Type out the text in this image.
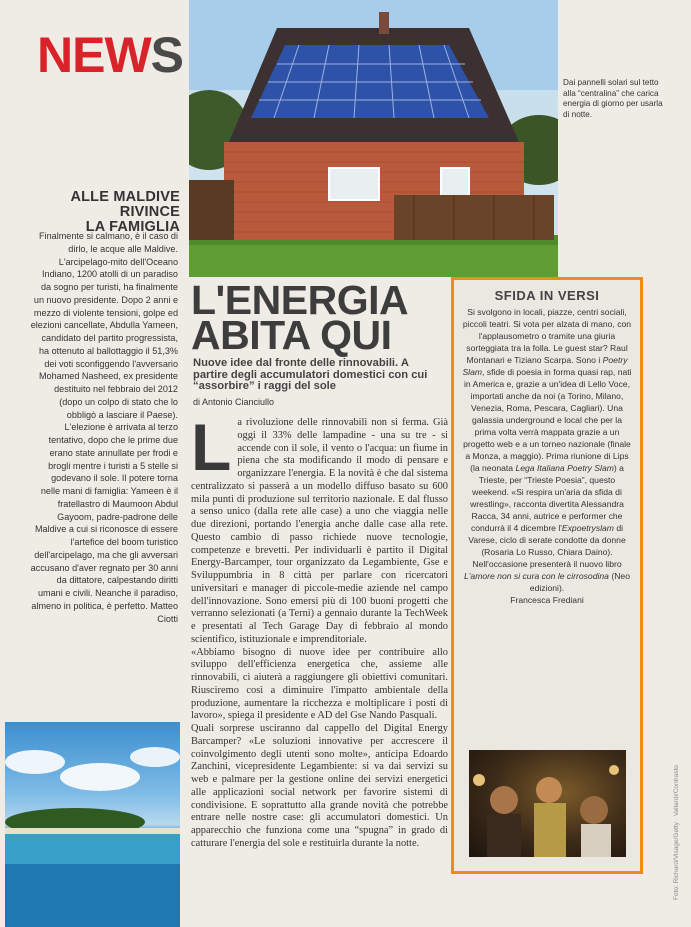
NEWS	Dai pannelli solari sul tetto alla “centralina” che carica energia di giorno per usarla di notte.
ALLE MALDIVE
RIVINCE
LA FAMIGLIA

Finalmente si calmano, è il caso di dirlo, le acque alle Maldive. L'arcipelago-mito dell'Oceano Indiano, 1200 atolli di un paradiso da sogno per turisti, ha finalmente un nuovo presidente. Dopo 2 anni e mezzo di violente tensioni, golpe ed elezioni cancellate, Abdulla Yameen, candidato del partito progressista, ha ottenuto al ballottaggio il 51,3% dei voti sconfiggendo l'avversario Mohamed Nasheed, ex presidente destituito nel febbraio del 2012 (dopo un colpo di stato che lo obbligò a lasciare il Paese). L'elezione è arrivata al terzo tentativo, dopo che le prime due erano state annullate per frodi e brogli mentre i turisti a 5 stelle si godevano il sole. Il potere torna nelle mani di famiglia: Yameen è il fratellastro di Maumoon Abdul Gayoom, padre-padrone delle Maldive a cui si riconosce di essere l'artefice del boom turistico dell'arcipelago, ma che gli avversari accusano d'aver regnato per 30 anni da dittatore, calpestando diritti umani e civili. Neanche il paradiso, almeno in politica, è perfetto. Matteo Ciotti

L'ENERGIA
ABITA QUI
Nuove idee dal fronte delle rinnovabili. A partire degli accumulatori domestici con cui “assorbire” i raggi del sole
di Antonio Cianciullo

La rivoluzione delle rinnovabili non si ferma. Già oggi il 33% delle lampadine - una su tre - si accende con il sole, il vento o l'acqua: un fiume in piena che sta modificando il modo di pensare e organizzare l'energia. E la novità è che dal sistema centralizzato si passerà a un modello diffuso basato su 600 mila punti di produzione sul territorio nazionale. E dal flusso a senso unico (dalla rete alle case) a uno che viaggia nelle due direzioni, portando l'energia anche dalle case alla rete. Questo cambio di passo richiede nuove tecnologie, competenze e brevetti. Per individuarli è partito il Digital Energy-Barcamper, tour organizzato da Legambiente, Gse e Sviluppumbria in 8 città per parlare con ricercatori universitari e manager di piccole-medie aziende nel campo dell'innovazione. Sono emersi più di 100 buoni progetti che verranno selezionati (a Terni) a gennaio durante la TechWeek e presentati al Tech Garage Day di febbraio al mondo scientifico, istituzionale e imprenditoriale.

«Abbiamo bisogno di nuove idee per contribuire allo sviluppo dell'efficienza energetica che, assieme alle rinnovabili, ci aiuterà a raggiungere gli obiettivi comunitari. Riusciremo così a diminuire l'impatto ambientale della produzione, aumentare la ricchezza e moltiplicare i posti di lavoro», spiega il presidente e AD del Gse Nando Pasquali.

Quali sorprese usciranno dal cappello del Digital Energy Barcamper? «Le soluzioni innovative per accrescere il coinvolgimento degli utenti sono molte», anticipa Edoardo Zanchini, vicepresidente Legambiente: si va dai servizi su web e palmare per la gestione online dei servizi energetici alle applicazioni social network per favorire sistemi di condivisione. E soprattutto alla grande novità che potrebbe entrare nelle nostre case: gli accumulatori domestici. Un apparecchio che funziona come una “spugna” in grado di catturare l'energia del sole e restituirla durante la notte.

SFIDA IN VERSI
Si svolgono in locali, piazze, centri sociali, piccoli teatri. Si vota per alzata di mano, con l'applausometro o tramite una giuria sorteggiata tra la folla. Le guest star? Raul Montanari e Tiziano Scarpa. Sono i Poetry Slam, sfide di poesia in forma quasi rap, nati in America e, grazie a un'idea di Lello Voce, importati anche da noi (a Torino, Milano, Venezia, Roma, Pescara, Cagliari). Una galassia underground e local che per la prima volta verrà mappata grazie a un progetto web e a un torneo nazionale (finale a Monza, a maggio). Prima riunione di Lips (la neonata Lega Italiana Poetry Slam) a Trieste, per “Trieste Poesia”, questo weekend. «Si respira un'aria da sfida di wrestling», racconta divertita Alessandra Racca, 34 anni, autrice e performer che condurrà il 4 dicembre l'Expoetryslam di Varese, ciclo di serate condotte da donne (Rosaria Lo Russo, Chiara Daino). Nell'occasione presenterà il nuovo libro L'amore non si cura con le cirrosodina (Neo edizioni).
Francesca Frediani
Foto: Richard/Visage/Getty · Vallardi/Contrasto
